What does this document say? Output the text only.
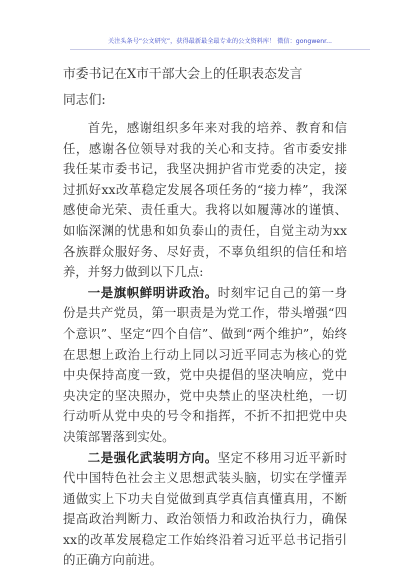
关注头条号“公文研究”，获得最新最全最专业的公文资料库！ 微信：gongwenr...
市委书记在X市干部大会上的任职表态发言
同志们:

首先，感谢组织多年来对我的培养、教育和信任，感谢各位领导对我的关心和支持。省市委安排我任某市委书记，我坚决拥护省市党委的决定，接过抓好xx改革稳定发展各项任务的“接力棒”，我深感使命光荣、责任重大。我将以如履薄冰的谨慎、如临深渊的忧患和如负泰山的责任，自觉主动为xx各族群众服好务、尽好责，不辜负组织的信任和培养，并努力做到以下几点:

一是旗帜鲜明讲政治。时刻牢记自己的第一身份是共产党员，第一职责是为党工作，带头增强“四个意识”、坚定“四个自信”、做到“两个维护”，始终在思想上政治上行动上同以习近平同志为核心的党中央保持高度一致，党中央提倡的坚决响应，党中央决定的坚决照办，党中央禁止的坚决杜绝，一切行动听从党中央的号令和指挥，不折不扣把党中央决策部署落到实处。

二是强化武装明方向。坚定不移用习近平新时代中国特色社会主义思想武装头脑，切实在学懂弄通做实上下功夫自觉做到真学真信真懂真用，不断提高政治判断力、政治领悟力和政治执行力，确保xx的改革发展稳定工作始终沿着习近平总书记指引的正确方向前进。
